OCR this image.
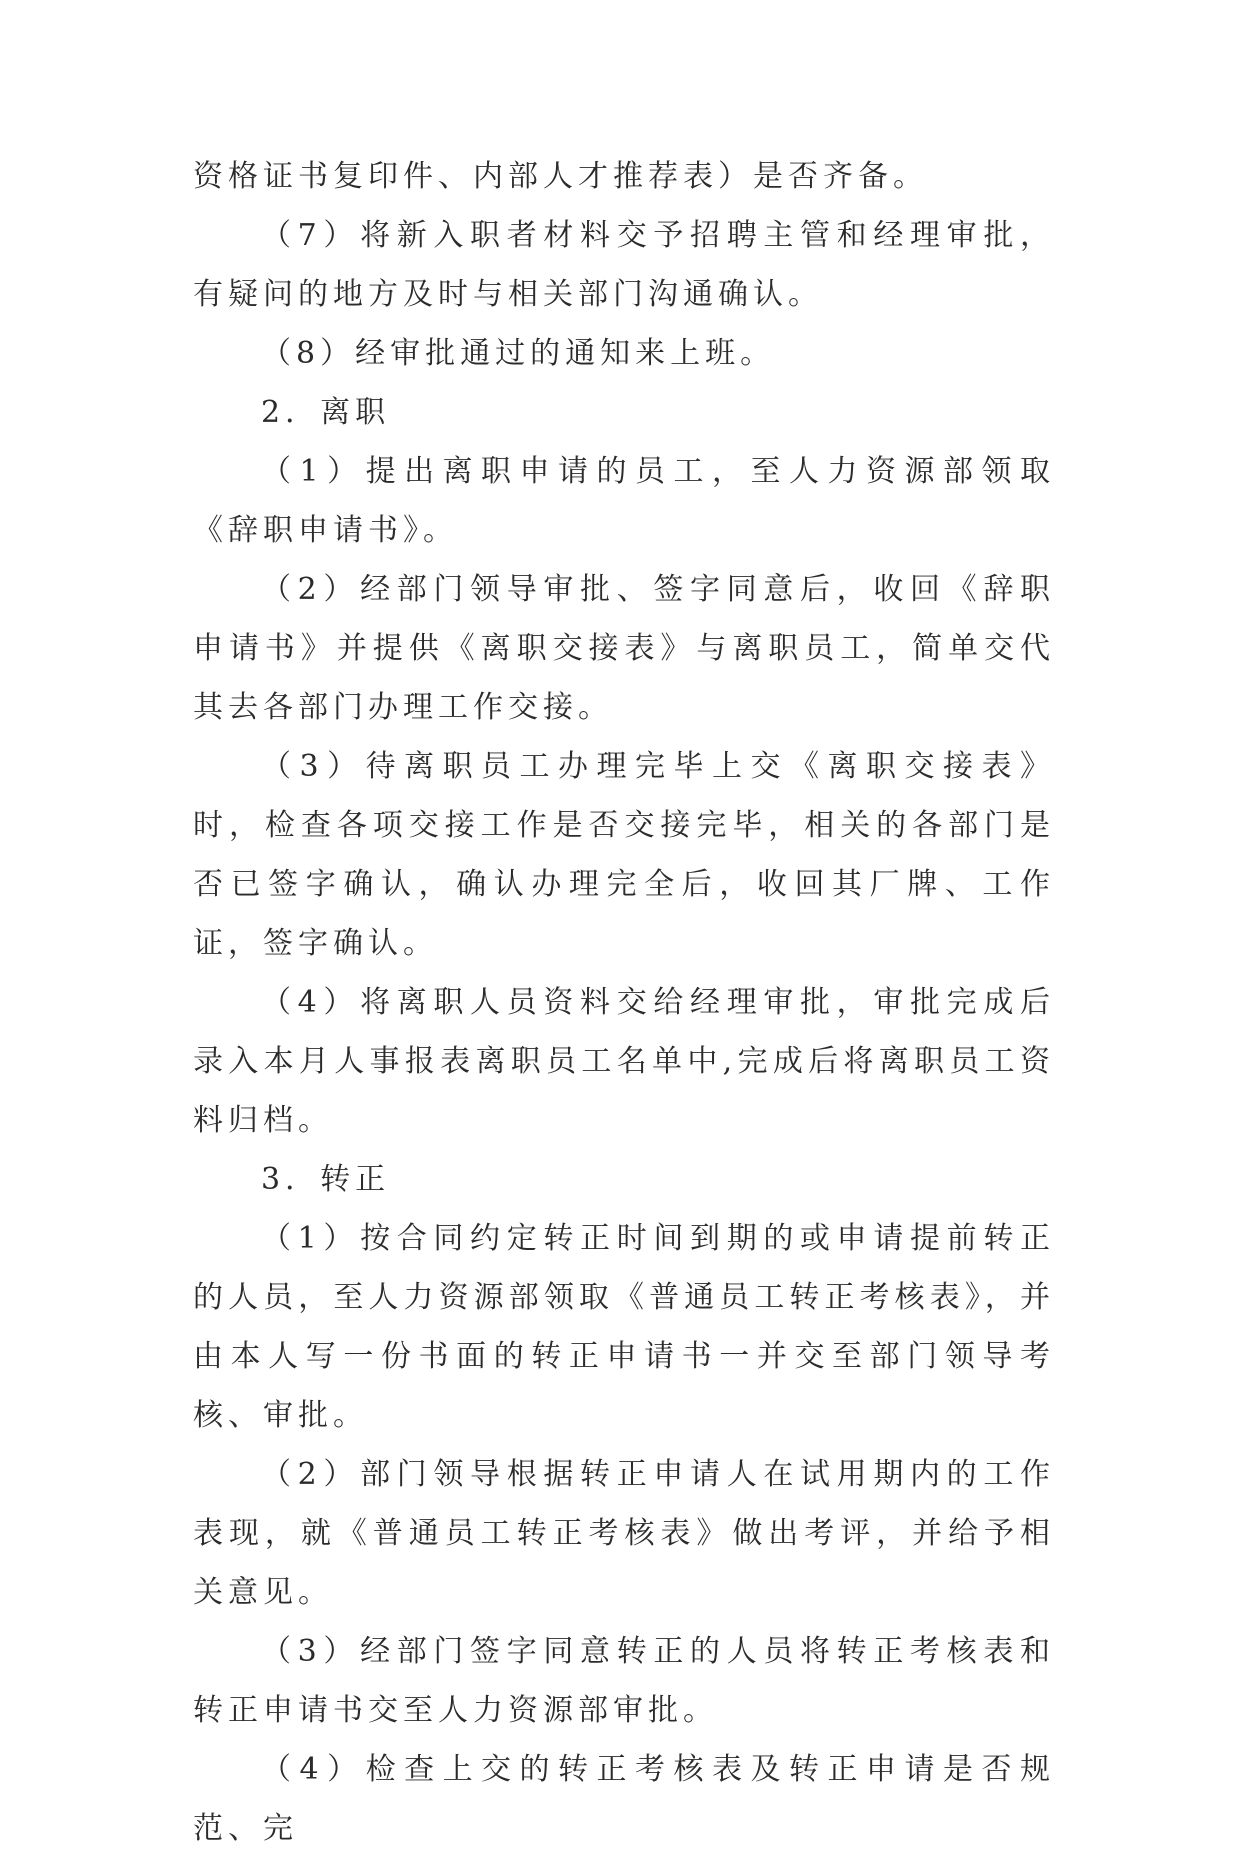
资格证书复印件、内部人才推荐表）是否齐备。

（7）将新入职者材料交予招聘主管和经理审批，有疑问的地方及时与相关部门沟通确认。

（8）经审批通过的通知来上班。

2．离职

（1）提出离职申请的员工，至人力资源部领取《辞职申请书》。

（2）经部门领导审批、签字同意后，收回《辞职申请书》并提供《离职交接表》与离职员工，简单交代其去各部门办理工作交接。

（3）待离职员工办理完毕上交《离职交接表》时，检查各项交接工作是否交接完毕，相关的各部门是否已签字确认，确认办理完全后，收回其厂牌、工作证，签字确认。

（4）将离职人员资料交给经理审批，审批完成后录入本月人事报表离职员工名单中,完成后将离职员工资料归档。

3．转正

（1）按合同约定转正时间到期的或申请提前转正的人员，至人力资源部领取《普通员工转正考核表》，并由本人写一份书面的转正申请书一并交至部门领导考核、审批。

（2）部门领导根据转正申请人在试用期内的工作表现，就《普通员工转正考核表》做出考评，并给予相关意见。

（3）经部门签字同意转正的人员将转正考核表和转正申请书交至人力资源部审批。

（4）检查上交的转正考核表及转正申请是否规范、完
